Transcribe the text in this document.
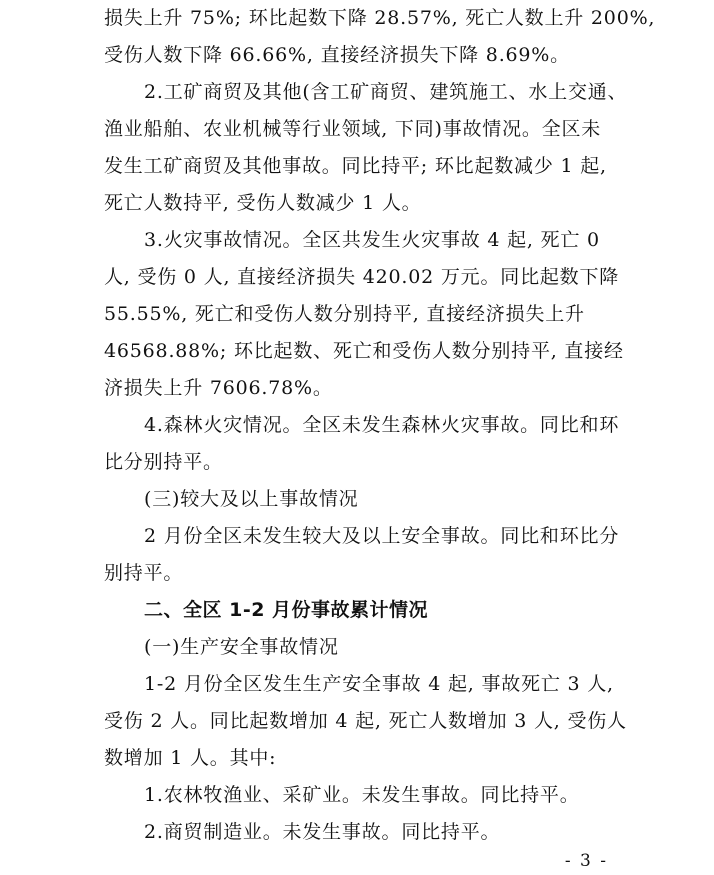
损失上升 75%; 环比起数下降 28.57%, 死亡人数上升 200%,
受伤人数下降 66.66%, 直接经济损失下降 8.69%。
2.工矿商贸及其他(含工矿商贸、建筑施工、水上交通、
渔业船舶、农业机械等行业领域, 下同)事故情况。全区未
发生工矿商贸及其他事故。同比持平; 环比起数减少 1 起,
死亡人数持平, 受伤人数减少 1 人。
3.火灾事故情况。全区共发生火灾事故 4 起, 死亡 0
人, 受伤 0 人, 直接经济损失 420.02 万元。同比起数下降
55.55%, 死亡和受伤人数分别持平, 直接经济损失上升
46568.88%; 环比起数、死亡和受伤人数分别持平, 直接经
济损失上升 7606.78%。
4.森林火灾情况。全区未发生森林火灾事故。同比和环
比分别持平。
(三)较大及以上事故情况
2 月份全区未发生较大及以上安全事故。同比和环比分
别持平。
二、全区 1-2 月份事故累计情况
(一)生产安全事故情况
1-2 月份全区发生生产安全事故 4 起, 事故死亡 3 人,
受伤 2 人。同比起数增加 4 起, 死亡人数增加 3 人, 受伤人
数增加 1 人。其中:
1.农林牧渔业、采矿业。未发生事故。同比持平。
2.商贸制造业。未发生事故。同比持平。
- 3 -
